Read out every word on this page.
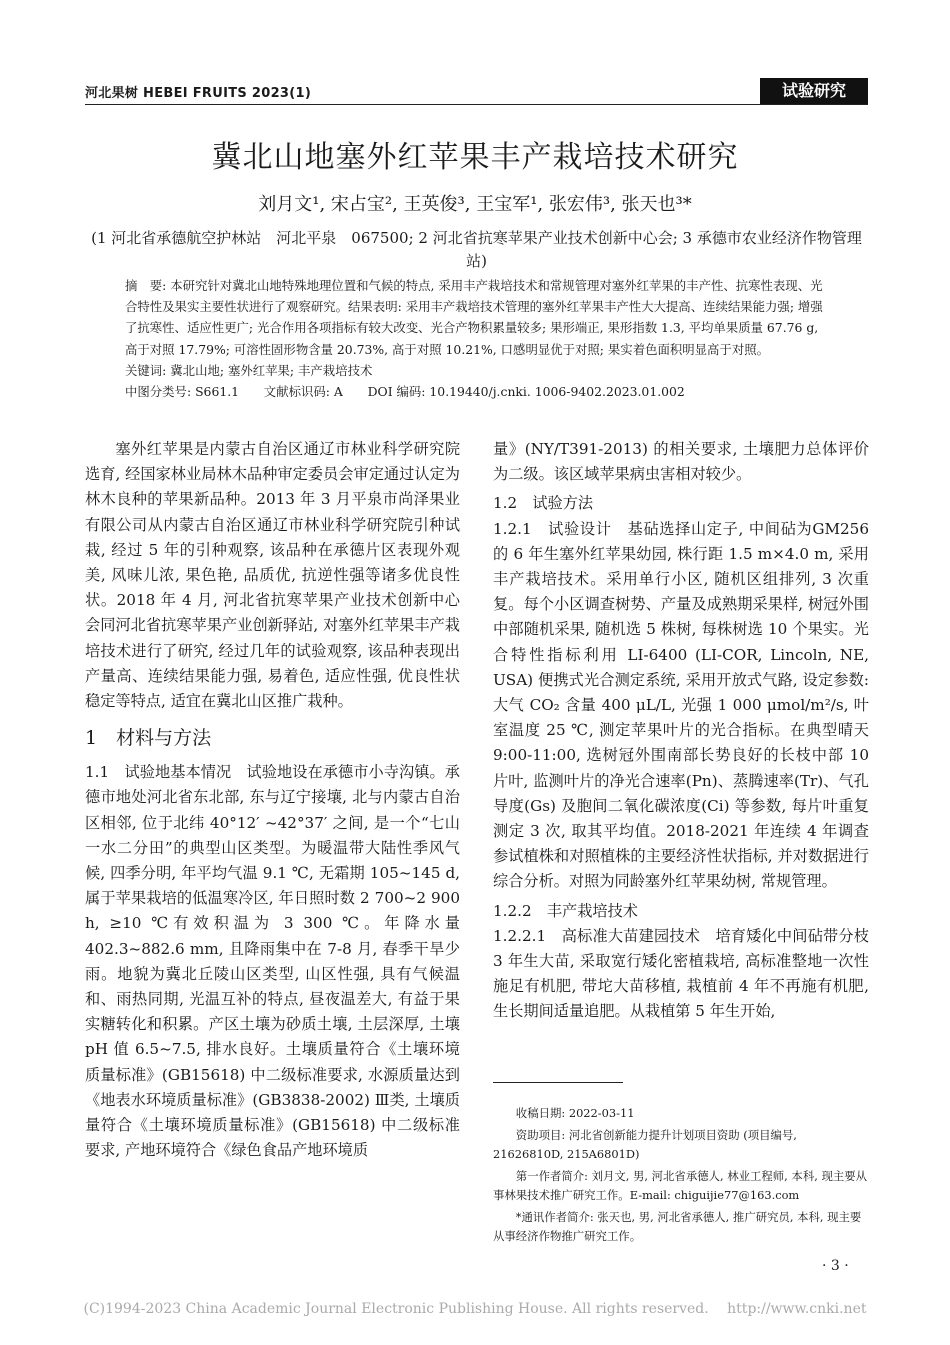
河北果树 HEBEI FRUITS 2023(1)	试验研究
冀北山地塞外红苹果丰产栽培技术研究
刘月文¹, 宋占宝², 王英俊³, 王宝军¹, 张宏伟³, 张天也³*
(1 河北省承德航空护林站　河北平泉　067500; 2 河北省抗寒苹果产业技术创新中心会; 3 承德市农业经济作物管理站)

摘　要: 本研究针对冀北山地特殊地理位置和气候的特点, 采用丰产栽培技术和常规管理对塞外红苹果的丰产性、抗寒性表现、光合特性及果实主要性状进行了观察研究。结果表明: 采用丰产栽培技术管理的塞外红苹果丰产性大大提高、连续结果能力强; 增强了抗寒性、适应性更广; 光合作用各项指标有较大改变、光合产物积累量较多; 果形端正, 果形指数 1.3, 平均单果质量 67.76 g, 高于对照 17.79%; 可溶性固形物含量 20.73%, 高于对照 10.21%, 口感明显优于对照; 果实着色面积明显高于对照。

关键词: 冀北山地; 塞外红苹果; 丰产栽培技术

中图分类号: S661.1　　文献标识码: A　　DOI 编码: 10.19440/j.cnki. 1006-9402.2023.01.002

塞外红苹果是内蒙古自治区通辽市林业科学研究院选育, 经国家林业局林木品种审定委员会审定通过认定为林木良种的苹果新品种。2013 年 3 月平泉市尚泽果业有限公司从内蒙古自治区通辽市林业科学研究院引种试栽, 经过 5 年的引种观察, 该品种在承德片区表现外观美, 风味儿浓, 果色艳, 品质优, 抗逆性强等诸多优良性状。2018 年 4 月, 河北省抗寒苹果产业技术创新中心会同河北省抗寒苹果产业创新驿站, 对塞外红苹果丰产栽培技术进行了研究, 经过几年的试验观察, 该品种表现出产量高、连续结果能力强, 易着色, 适应性强, 优良性状稳定等特点, 适宜在冀北山区推广栽种。

1　材料与方法

1.1　试验地基本情况　试验地设在承德市小寺沟镇。承德市地处河北省东北部, 东与辽宁接壤, 北与内蒙古自治区相邻, 位于北纬 40°12′ ~42°37′ 之间, 是一个“七山一水二分田”的典型山区类型。为暖温带大陆性季风气候, 四季分明, 年平均气温 9.1 ℃, 无霜期 105~145 d, 属于苹果栽培的低温寒冷区, 年日照时数 2 700~2 900 h, ≥10 ℃有效积温为 3 300 ℃。年降水量 402.3~882.6 mm, 且降雨集中在 7-8 月, 春季干旱少雨。地貌为冀北丘陵山区类型, 山区性强, 具有气候温和、雨热同期, 光温互补的特点, 昼夜温差大, 有益于果实糖转化和积累。产区土壤为砂质土壤, 土层深厚, 土壤 pH 值 6.5~7.5, 排水良好。土壤质量符合《土壤环境质量标准》(GB15618) 中二级标准要求, 水源质量达到《地表水环境质量标准》(GB3838-2002) Ⅲ类, 土壤质量符合《土壤环境质量标准》(GB15618) 中二级标准要求, 产地环境符合《绿色食品产地环境质

量》(NY/T391-2013) 的相关要求, 土壤肥力总体评价为二级。该区域苹果病虫害相对较少。

1.2　试验方法

1.2.1　试验设计　基砧选择山定子, 中间砧为GM256 的 6 年生塞外红苹果幼园, 株行距 1.5 m×4.0 m, 采用丰产栽培技术。采用单行小区, 随机区组排列, 3 次重复。每个小区调查树势、产量及成熟期采果样, 树冠外围中部随机采果, 随机选 5 株树, 每株树选 10 个果实。光合特性指标利用 LI-6400 (LI-COR, Lincoln, NE, USA) 便携式光合测定系统, 采用开放式气路, 设定参数: 大气 CO₂ 含量 400 μL/L, 光强 1 000 μmol/m²/s, 叶室温度 25 ℃, 测定苹果叶片的光合指标。在典型晴天 9:00-11:00, 选树冠外围南部长势良好的长枝中部 10 片叶, 监测叶片的净光合速率(Pn)、蒸腾速率(Tr)、气孔导度(Gs) 及胞间二氧化碳浓度(Ci) 等参数, 每片叶重复测定 3 次, 取其平均值。2018-2021 年连续 4 年调查参试植株和对照植株的主要经济性状指标, 并对数据进行综合分析。对照为同龄塞外红苹果幼树, 常规管理。

1.2.2　丰产栽培技术

1.2.2.1　高标准大苗建园技术　培育矮化中间砧带分枝 3 年生大苗, 采取宽行矮化密植栽培, 高标准整地一次性施足有机肥, 带坨大苗移植, 栽植前 4 年不再施有机肥, 生长期间适量追肥。从栽植第 5 年生开始,

收稿日期: 2022-03-11

资助项目: 河北省创新能力提升计划项目资助 (项目编号, 21626810D, 215A6801D)

第一作者简介: 刘月文, 男, 河北省承德人, 林业工程师, 本科, 现主要从事林果技术推广研究工作。E-mail: chiguijie77@163.com

*通讯作者简介: 张天也, 男, 河北省承德人, 推广研究员, 本科, 现主要从事经济作物推广研究工作。

· 3 ·
(C)1994-2023 China Academic Journal Electronic Publishing House. All rights reserved.　 http://www.cnki.net
